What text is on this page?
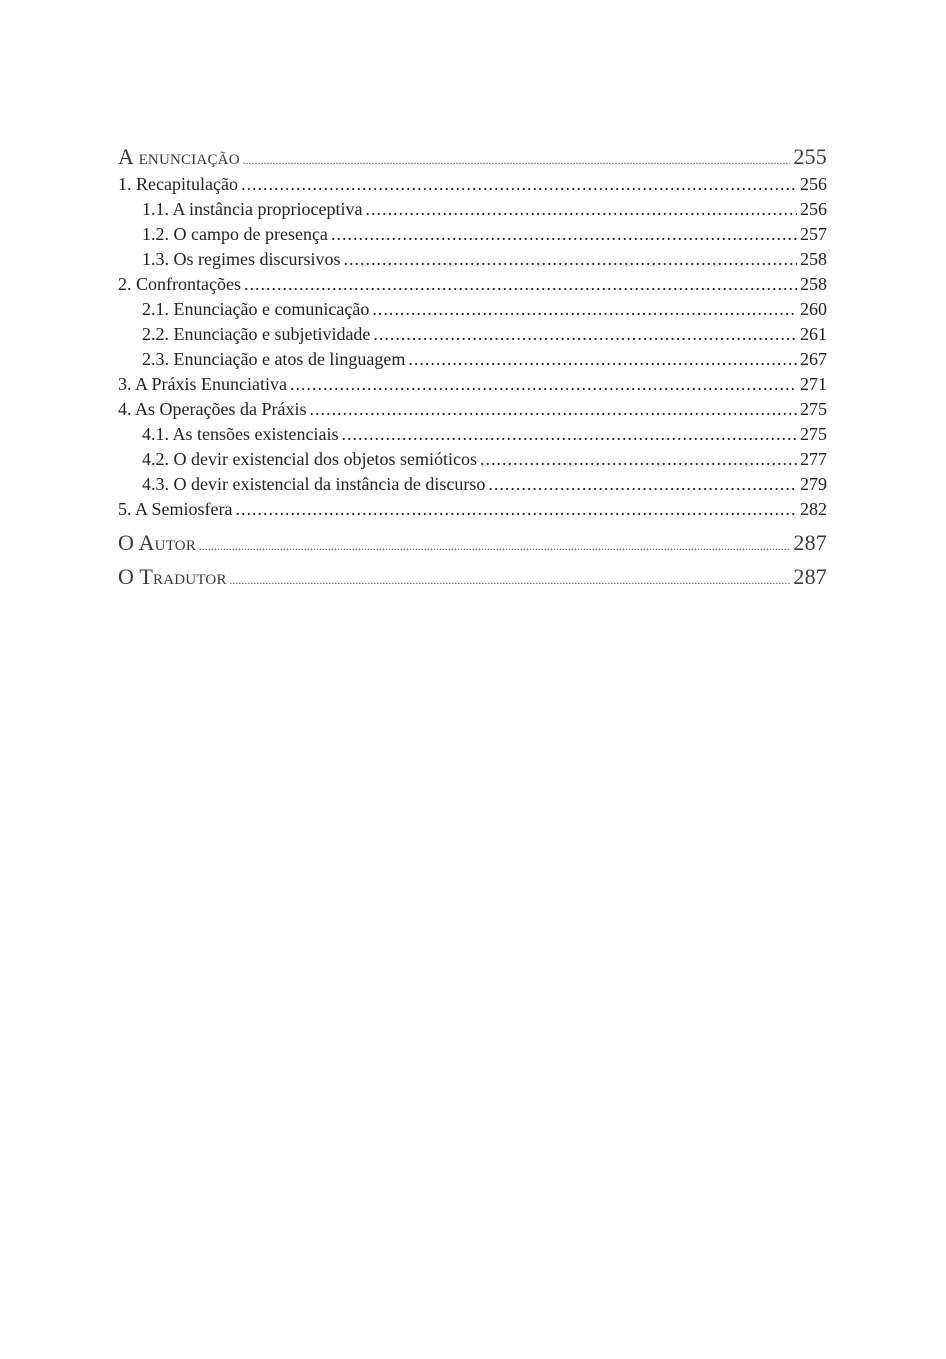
A enunciação .....	255
1. Recapitulação .....	256
1.1. A instância proprioceptiva .....	256
1.2. O campo de presença .....	257
1.3. Os regimes discursivos .....	258
2. Confrontações .....	258
2.1. Enunciação e comunicação .....	260
2.2. Enunciação e subjetividade .....	261
2.3. Enunciação e atos de linguagem .....	267
3. A Práxis Enunciativa .....	271
4. As Operações da Práxis .....	275
4.1. As tensões existenciais .....	275
4.2. O devir existencial dos objetos semióticos .....	277
4.3. O devir existencial da instância de discurso .....	279
5. A Semiosfera .....	282
O Autor .....	287
O Tradutor .....	287
